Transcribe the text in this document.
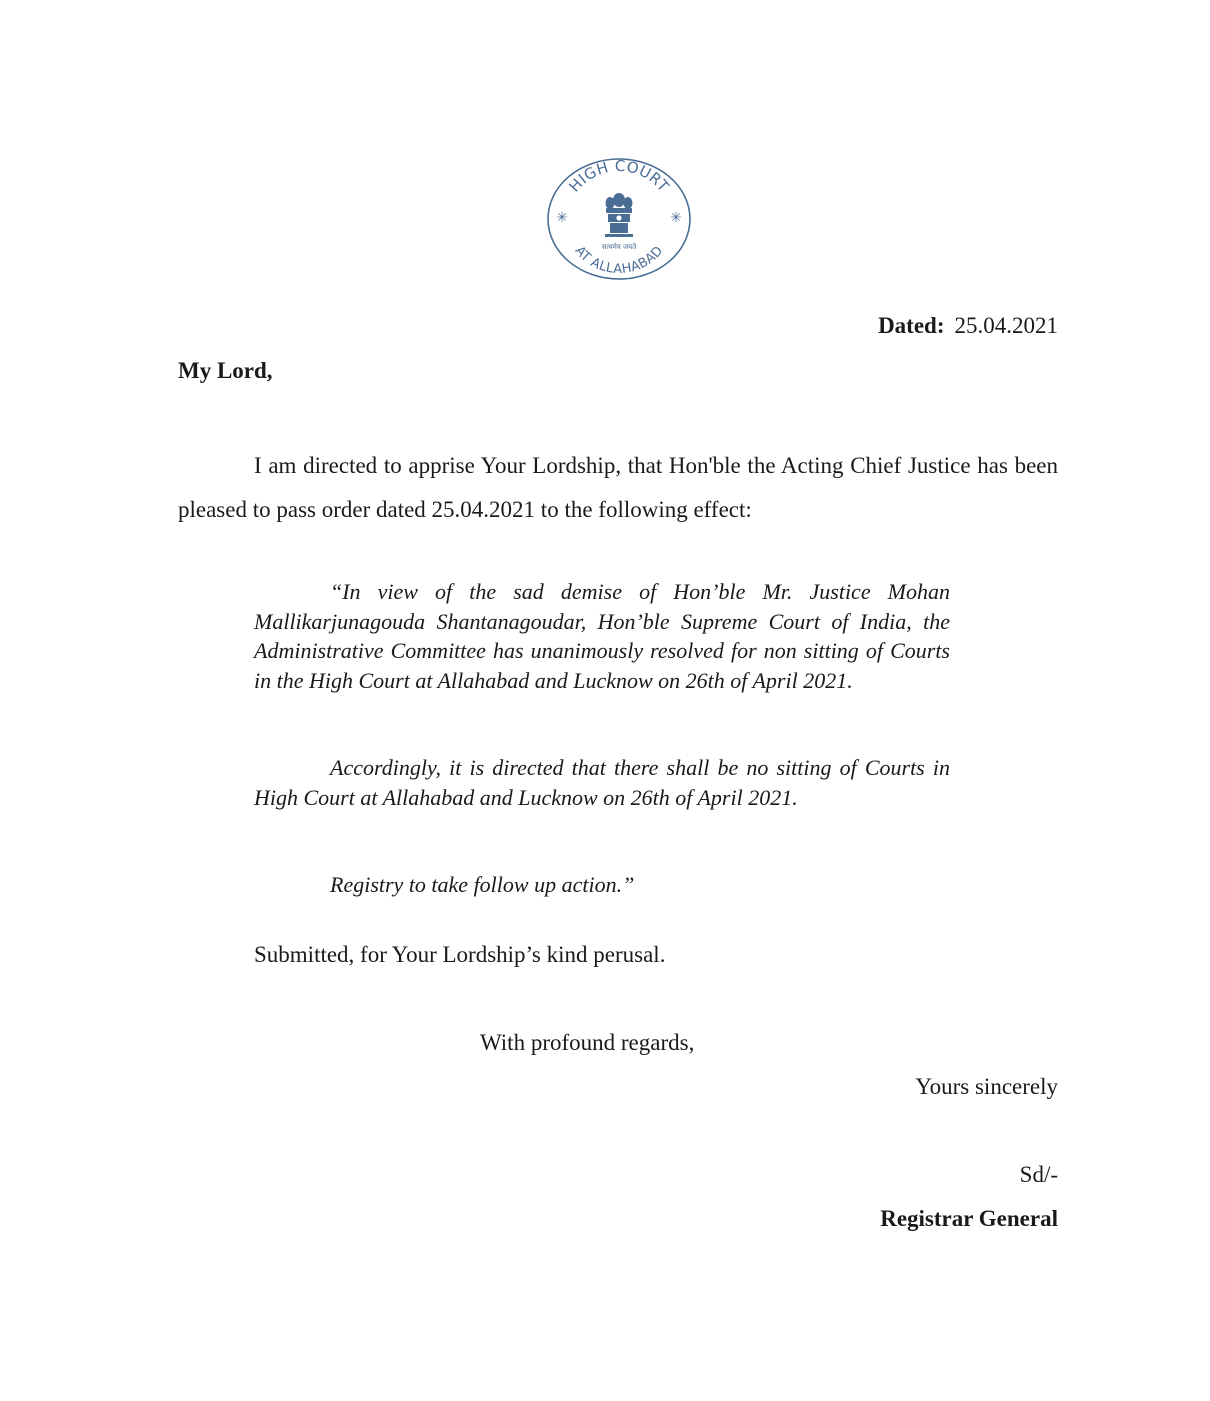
HIGH COURT
AT ALLAHABAD
✳	✳
सत्यमेव जयते
Dated: 25.04.2021
My Lord,

I am directed to apprise Your Lordship, that Hon'ble the Acting Chief Justice has been pleased to pass order dated 25.04.2021 to the following effect:

“In view of the sad demise of Hon’ble Mr. Justice Mohan Mallikarjunagouda Shantanagoudar, Hon’ble Supreme Court of India, the Administrative Committee has unanimously resolved for non sitting of Courts in the High Court at Allahabad and Lucknow on 26th of April 2021.

Accordingly, it is directed that there shall be no sitting of Courts in High Court at Allahabad and Lucknow on 26th of April 2021.

Registry to take follow up action.”

Submitted, for Your Lordship’s kind perusal.
With profound regards,
Yours sincerely
Sd/-
Registrar General
